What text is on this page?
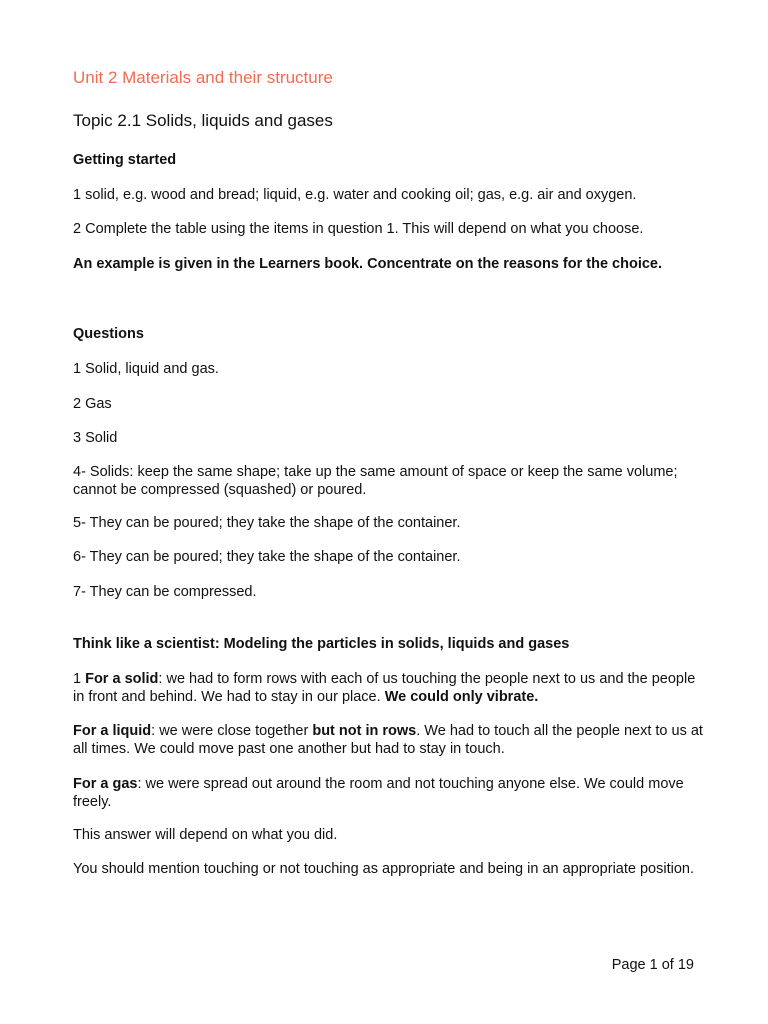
Unit 2 Materials and their structure
Topic 2.1 Solids, liquids and gases
Getting started
1 solid, e.g. wood and bread; liquid, e.g. water and cooking oil; gas, e.g. air and oxygen.
2 Complete the table using the items in question 1. This will depend on what you choose.
An example is given in the Learners book. Concentrate on the reasons for the choice.
Questions
1 Solid, liquid and gas.
2 Gas
3 Solid
4- Solids: keep the same shape; take up the same amount of space or keep the same volume; cannot be compressed (squashed) or poured.
5- They can be poured; they take the shape of the container.
6- They can be poured; they take the shape of the container.
7- They can be compressed.
Think like a scientist: Modeling the particles in solids, liquids and gases
1 For a solid: we had to form rows with each of us touching the people next to us and the people in front and behind. We had to stay in our place. We could only vibrate.
For a liquid: we were close together but not in rows. We had to touch all the people next to us at all times. We could move past one another but had to stay in touch.
For a gas: we were spread out around the room and not touching anyone else. We could move freely.
This answer will depend on what you did.
You should mention touching or not touching as appropriate and being in an appropriate position.
Page 1 of 19
